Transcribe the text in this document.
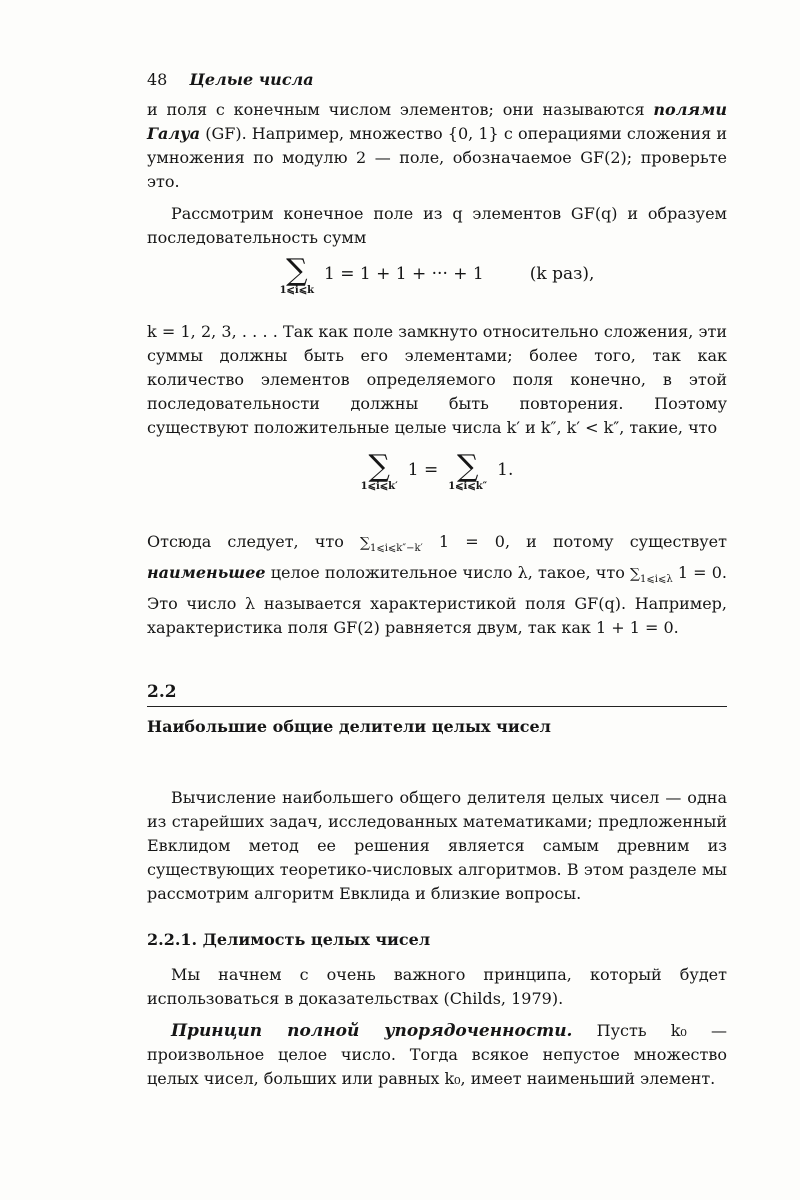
48 Целые числа

и поля с конечным числом элементов; они называются полями Галуа (GF). Например, множество {0, 1} с операциями сложения и умножения по модулю 2 — поле, обозначаемое GF(2); проверьте это.

Рассмотрим конечное поле из q элементов GF(q) и образуем последовательность сумм

∑
1⩽i⩽k
1 = 1 + 1 + ··· + 1	(k раз),

k = 1, 2, 3, . . . . Так как поле замкнуто относительно сложения, эти суммы должны быть его элементами; более того, так как количество элементов определяемого поля конечно, в этой последовательности должны быть повторения. Поэтому существуют положительные целые числа k′ и k″, k′ < k″, такие, что

∑
1⩽i⩽k′
1 = ∑
1⩽i⩽k″
1.

Отсюда следует, что $\sum_{1⩽i⩽k''-k'}$ 1 = 0, и потому существует наименьшее целое положительное число λ, такое, что $\sum_{1⩽i⩽\lambda}$ 1 = 0. Это число λ называется характеристикой поля GF(q). Например, характеристика поля GF(2) равняется двум, так как 1 + 1 = 0.

2.2
Наибольшие общие делители целых чисел

Вычисление наибольшего общего делителя целых чисел — одна из старейших задач, исследованных математиками; предложенный Евклидом метод ее решения является самым древним из существующих теоретико-числовых алгоритмов. В этом разделе мы рассмотрим алгоритм Евклида и близкие вопросы.

2.2.1. Делимость целых чисел

Мы начнем с очень важного принципа, который будет использоваться в доказательствах (Childs, 1979).

Принцип полной упорядоченности. Пусть k₀ — произвольное целое число. Тогда всякое непустое множество целых чисел, больших или равных k₀, имеет наименьший элемент.
